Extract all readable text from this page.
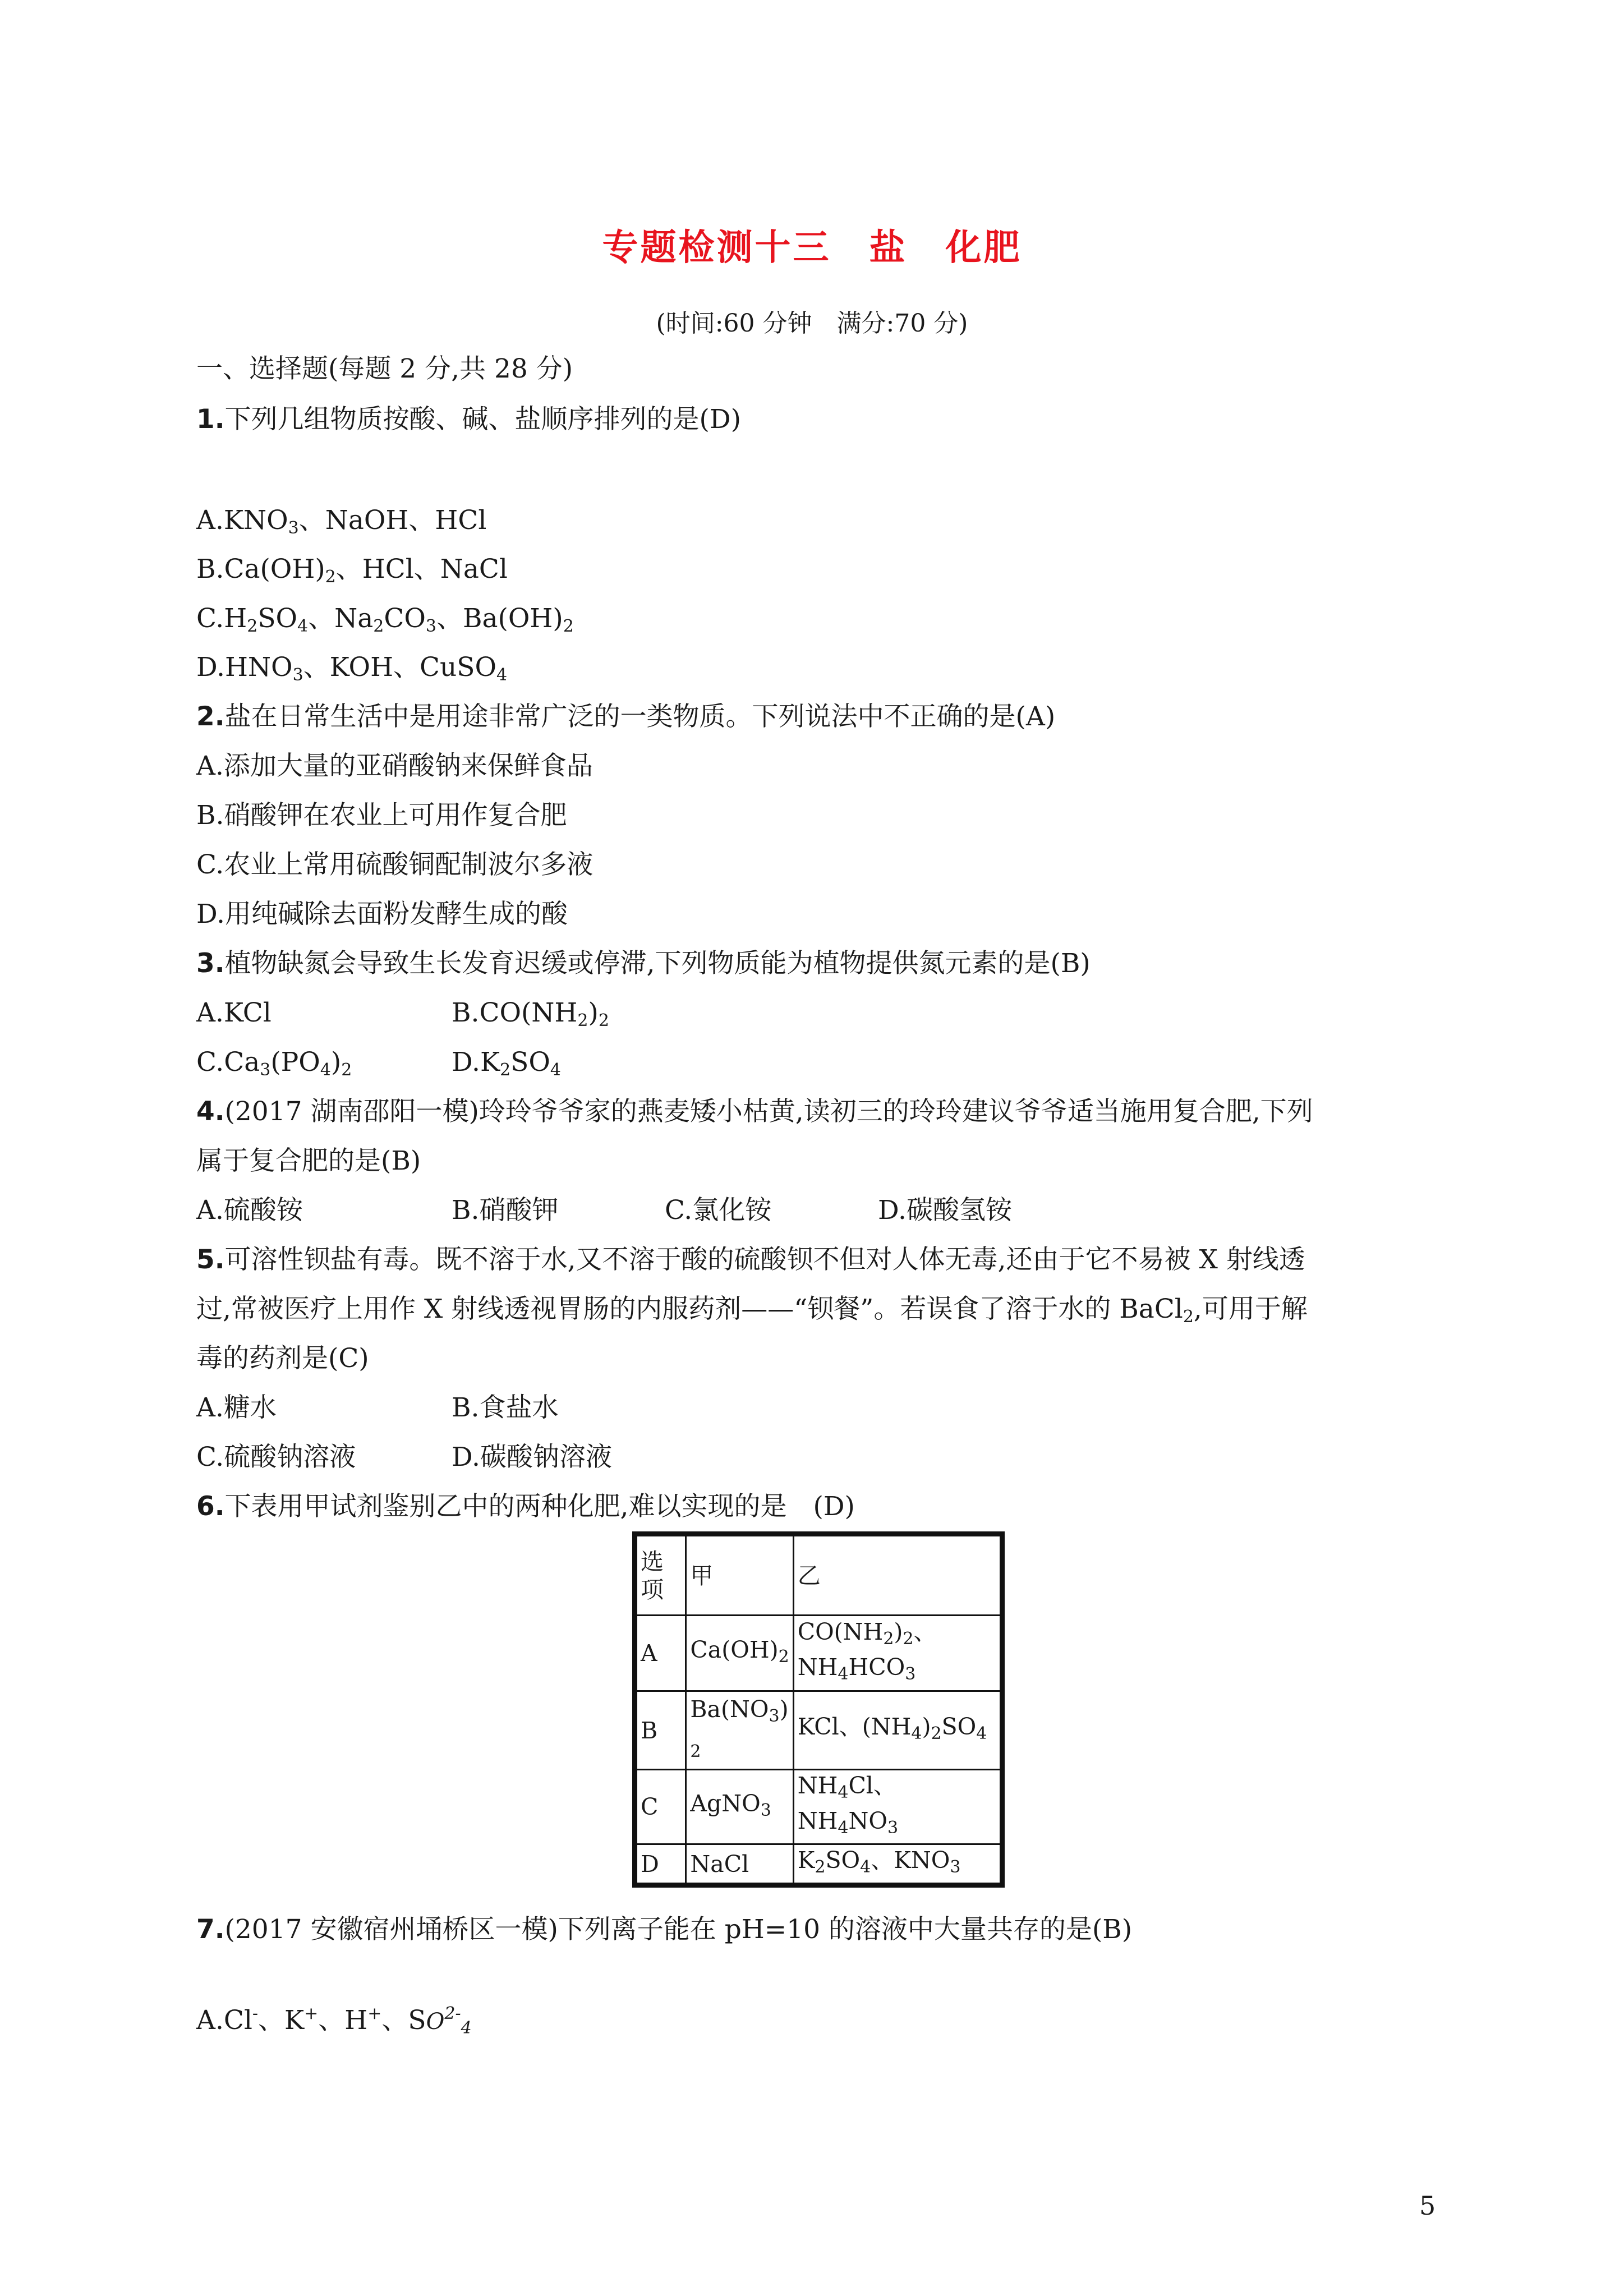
专题检测十三　盐　化肥
(时间:60 分钟　满分:70 分)
一、选择题(每题 2 分,共 28 分)
1.下列几组物质按酸、碱、盐顺序排列的是(D)
$A.KNO_3$、NaOH、HCl
$B.Ca(OH)_2$、HCl、NaCl
$C.H_2SO_4$、$Na_2CO_3$、$Ba(OH)_2$
$D.HNO_3$、KOH、CuSO$_4$
2.盐在日常生活中是用途非常广泛的一类物质。下列说法中不正确的是(A)
A.添加大量的亚硝酸钠来保鲜食品
B.硝酸钾在农业上可用作复合肥
C.农业上常用硫酸铜配制波尔多液
D.用纯碱除去面粉发酵生成的酸
3.植物缺氮会导致生长发育迟缓或停滞,下列物质能为植物提供氮元素的是(B)
A.KCl	$B.CO(NH_2)_2$
$C.Ca_3(PO_4)_2$	$D.K_2SO_4$
4.(2017 湖南邵阳一模)玲玲爷爷家的燕麦矮小枯黄,读初三的玲玲建议爷爷适当施用复合肥,下列
属于复合肥的是(B)
A.硫酸铵	B.硝酸钾	C.氯化铵	D.碳酸氢铵
5.可溶性钡盐有毒。既不溶于水,又不溶于酸的硫酸钡不但对人体无毒,还由于它不易被 X 射线透
过,常被医疗上用作 X 射线透视胃肠的内服药剂——“钡餐”。若误食了溶于水的 BaCl$_2$,可用于解
毒的药剂是(C)
A.糖水	B.食盐水
C.硫酸钠溶液	D.碳酸钠溶液
6.下表用甲试剂鉴别乙中的两种化肥,难以实现的是　(D)
选项	甲	乙
A	$Ca(OH)_2$	$CO(NH_2)_2$、
$NH_4HCO_3$
B	$Ba(NO_3)$
$_2$	KCl、$(NH_4)_2SO_4$
C	AgNO$_3$	$NH_4Cl$、$NH_4NO_3$
D	NaCl	$K_2SO_4$、$KNO_3$
7.(2017 安徽宿州埇桥区一模)下列离子能在 pH=10 的溶液中大量共存的是(B)
A.Cl-、K+、H+、$SO^{2-}_4$
5
